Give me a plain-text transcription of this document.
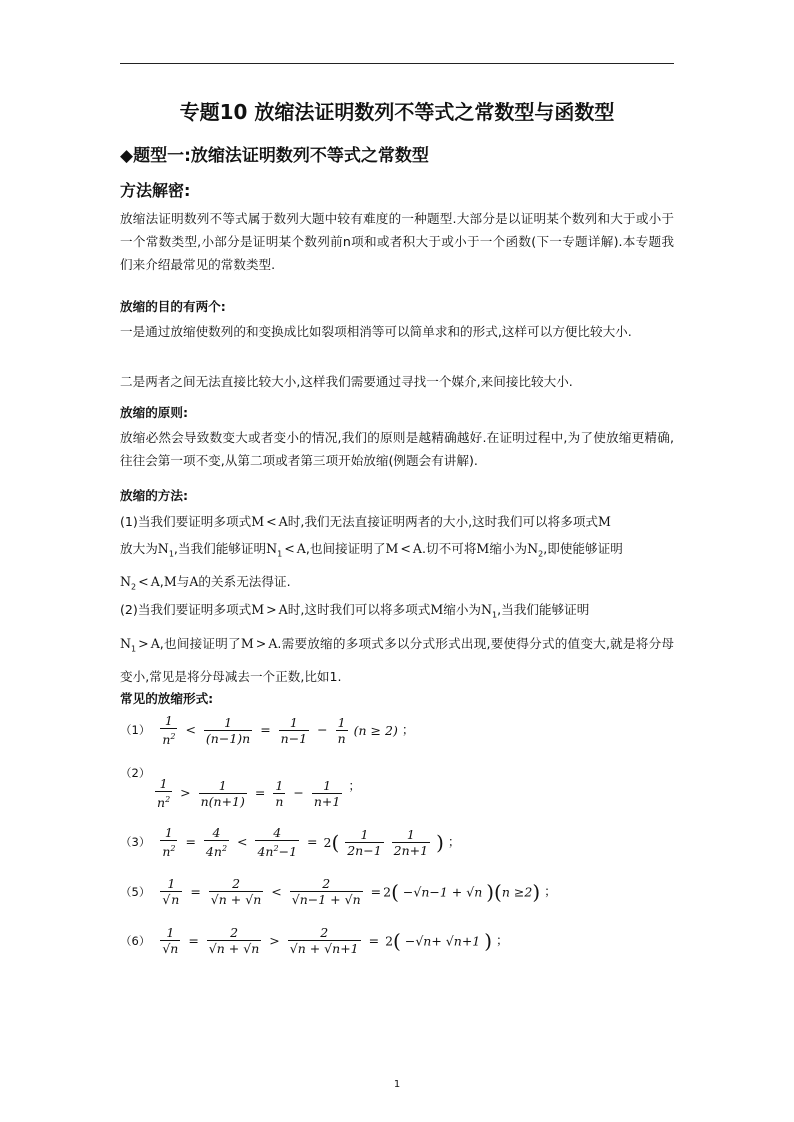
专题10 放缩法证明数列不等式之常数型与函数型
◆题型一:放缩法证明数列不等式之常数型
方法解密:
放缩法证明数列不等式属于数列大题中较有难度的一种题型.大部分是以证明某个数列和大于或小于一个常数类型,小部分是证明某个数列前n项和或者积大于或小于一个函数(下一专题详解).本专题我们来介绍最常见的常数类型.
放缩的目的有两个:
一是通过放缩使数列的和变换成比如裂项相消等可以简单求和的形式,这样可以方便比较大小.
二是两者之间无法直接比较大小,这样我们需要通过寻找一个媒介,来间接比较大小.
放缩的原则:
放缩必然会导致数变大或者变小的情况,我们的原则是越精确越好.在证明过程中,为了使放缩更精确,往往会第一项不变,从第二项或者第三项开始放缩(例题会有讲解).
放缩的方法:
(1)当我们要证明多项式M < A时,我们无法直接证明两者的大小,这时我们可以将多项式M
放大为$N_1$,当我们能够证明$N_1 < A$,也间接证明了M < A.切不可将M缩小为$N_2$,即使能够证明
$N_2 < A,M$与A的关系无法得证.
(2)当我们要证明多项式M > A时,这时我们可以将多项式M缩小为$N_1$,当我们能够证明
$N_1 > A$,也间接证明了M > A.需要放缩的多项式多以分式形式出现,要使得分式的值变大,就是将分母变小,常见是将分母减去一个正数,比如1.
常见的放缩形式:
$(1) \frac{1}{n^2} < \frac{1}{(n-1)n} = \frac{1}{n-1} - \frac{1}{n} (n \ge 2)$ ；
（2）
$\frac{1}{n^2} > \frac{1}{n(n+1)} = \frac{1}{n} - \frac{1}{n+1}$ ；
$(3) \frac{1}{n^2} = \frac{4}{4n^2} < \frac{4}{4n^2-1} = 2( \frac{1}{2n-1}$
$\frac{1}{2n+1}$ ) ；
$(5) \frac{1}{√n} = \frac{2}{√n + √n} < \frac{2}{√n-1 + √n} = 2( -√n-1 + √n$ )(n ≥2) ；
$(6) \frac{1}{√n} = \frac{2}{√n + √n} > \frac{2}{√n + √n+1} = 2( -√n+ √n+1$ ) ；
1
